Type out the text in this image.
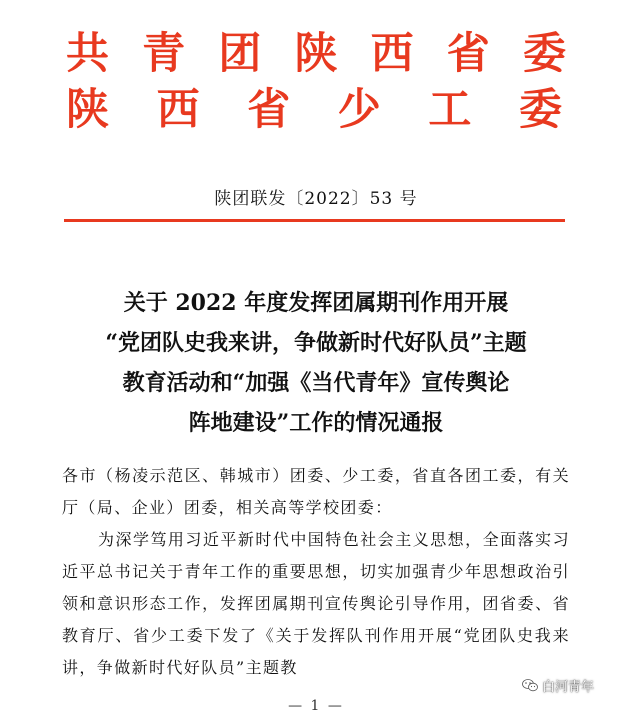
共 青 团 陕 西 省 委
陕 西 省 少 工 委
陕团联发〔2022〕53 号
关于 2022 年度发挥团属期刊作用开展
“党团队史我来讲，争做新时代好队员”主题
教育活动和“加强《当代青年》宣传舆论
阵地建设”工作的情况通报

各市（杨凌示范区、韩城市）团委、少工委，省直各团工委，有关厅（局、企业）团委，相关高等学校团委：

为深学笃用习近平新时代中国特色社会主义思想，全面落实习近平总书记关于青年工作的重要思想，切实加强青少年思想政治引领和意识形态工作，发挥团属期刊宣传舆论引导作用，团省委、省教育厅、省少工委下发了《关于发挥队刊作用开展“党团队史我来讲，争做新时代好队员”主题教

白河青年
— 1 —
